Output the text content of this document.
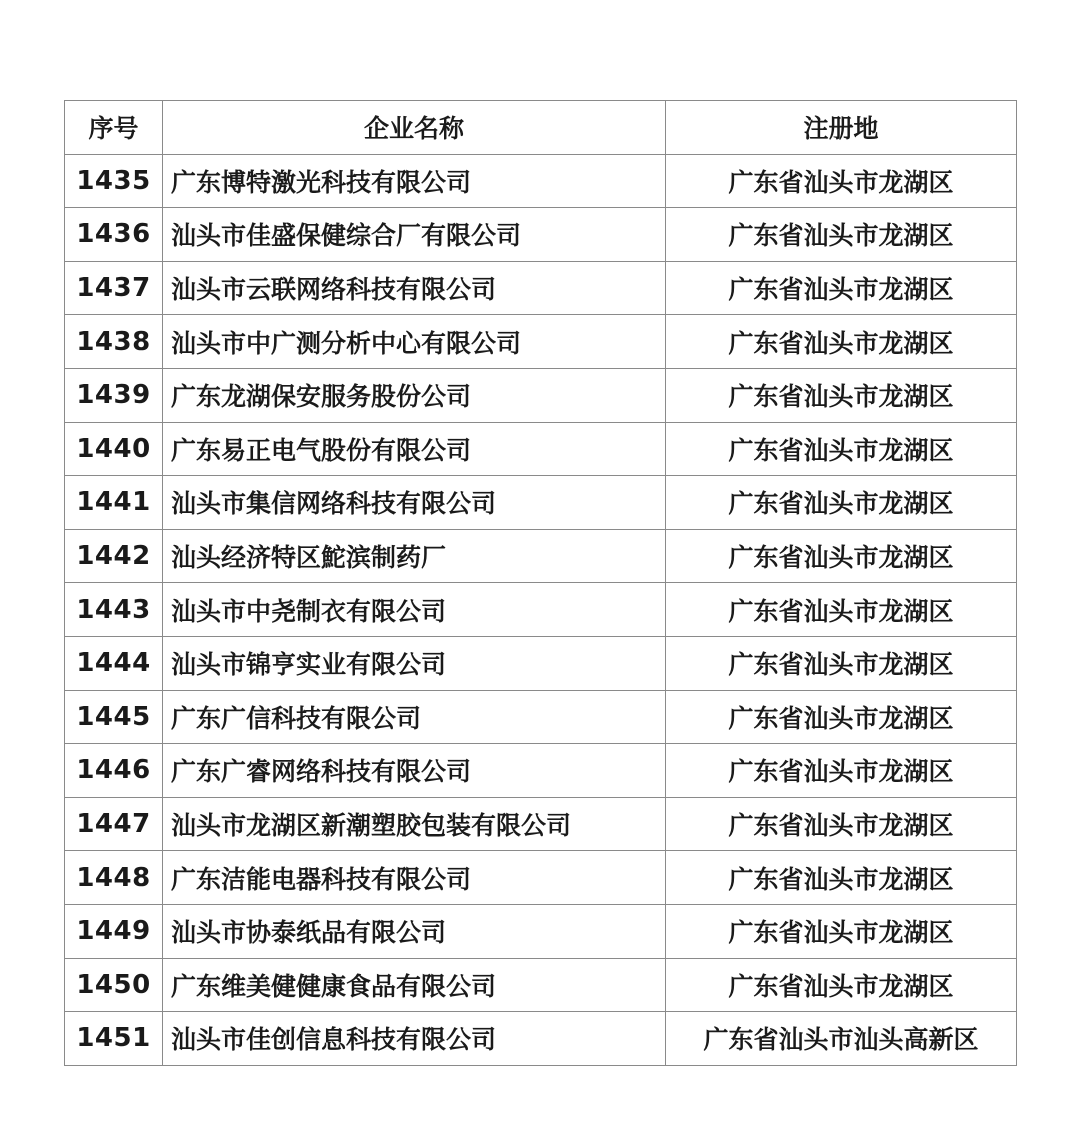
序号	企业名称	注册地
1435	广东博特激光科技有限公司	广东省汕头市龙湖区
1436	汕头市佳盛保健综合厂有限公司	广东省汕头市龙湖区
1437	汕头市云联网络科技有限公司	广东省汕头市龙湖区
1438	汕头市中广测分析中心有限公司	广东省汕头市龙湖区
1439	广东龙湖保安服务股份公司	广东省汕头市龙湖区
1440	广东易正电气股份有限公司	广东省汕头市龙湖区
1441	汕头市集信网络科技有限公司	广东省汕头市龙湖区
1442	汕头经济特区鮀滨制药厂	广东省汕头市龙湖区
1443	汕头市中尧制衣有限公司	广东省汕头市龙湖区
1444	汕头市锦亨实业有限公司	广东省汕头市龙湖区
1445	广东广信科技有限公司	广东省汕头市龙湖区
1446	广东广睿网络科技有限公司	广东省汕头市龙湖区
1447	汕头市龙湖区新潮塑胶包装有限公司	广东省汕头市龙湖区
1448	广东洁能电器科技有限公司	广东省汕头市龙湖区
1449	汕头市协泰纸品有限公司	广东省汕头市龙湖区
1450	广东维美健健康食品有限公司	广东省汕头市龙湖区
1451	汕头市佳创信息科技有限公司	广东省汕头市汕头高新区
